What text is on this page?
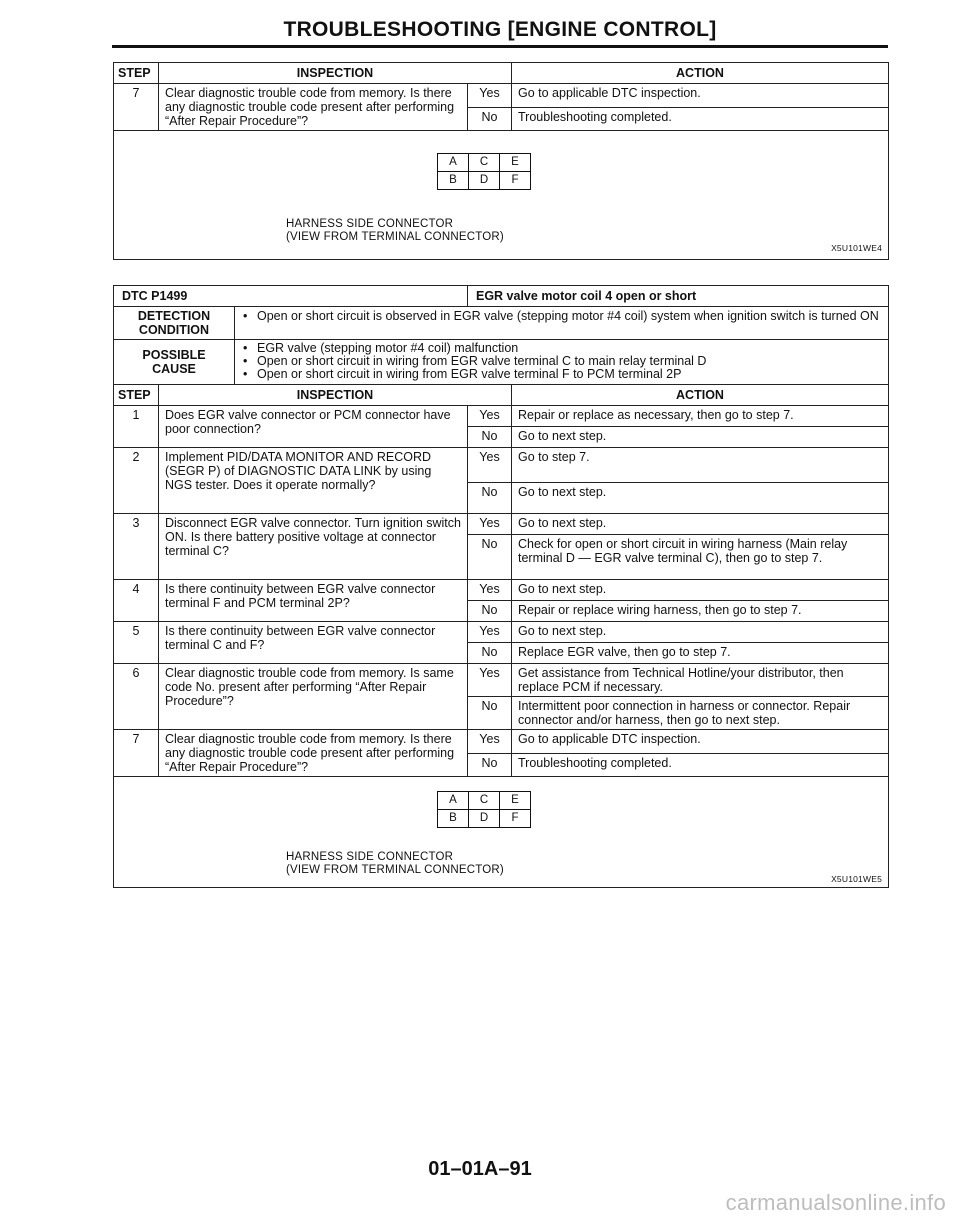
TROUBLESHOOTING [ENGINE CONTROL]
STEP	INSPECTION	ACTION
7	Clear diagnostic trouble code from memory. Is there any diagnostic trouble code present after performing “After Repair Procedure”?	Yes	Go to applicable DTC inspection.
No	Troubleshooting completed.

A	C	E
B	D	F
HARNESS SIDE CONNECTOR
(VIEW FROM TERMINAL CONNECTOR)
X5U101WE4
DTC P1499	EGR valve motor coil 4 open or short
DETECTION
CONDITION	
• Open or short circuit is observed in EGR valve (stepping motor #4 coil) system when ignition switch is turned ON

POSSIBLE
CAUSE	
• EGR valve (stepping motor #4 coil) malfunction
• Open or short circuit in wiring from EGR valve terminal C to main relay terminal D
• Open or short circuit in wiring from EGR valve terminal F to PCM terminal 2P

STEP	INSPECTION	ACTION
1	Does EGR valve connector or PCM connector have poor connection?	Yes	Repair or replace as necessary, then go to step 7.
No	Go to next step.
2	Implement PID/DATA MONITOR AND RECORD (SEGR P) of DIAGNOSTIC DATA LINK by using NGS tester. Does it operate normally?	Yes	Go to step 7.
No	Go to next step.
3	Disconnect EGR valve connector. Turn ignition switch ON. Is there battery positive voltage at connector terminal C?	Yes	Go to next step.
No	Check for open or short circuit in wiring harness (Main relay terminal D — EGR valve terminal C), then go to step 7.
4	Is there continuity between EGR valve connector terminal F and PCM terminal 2P?	Yes	Go to next step.
No	Repair or replace wiring harness, then go to step 7.
5	Is there continuity between EGR valve connector terminal C and F?	Yes	Go to next step.
No	Replace EGR valve, then go to step 7.
6	Clear diagnostic trouble code from memory. Is same code No. present after performing “After Repair Procedure”?	Yes	Get assistance from Technical Hotline/your distributor, then replace PCM if necessary.
No	Intermittent poor connection in harness or connector. Repair connector and/or harness, then go to next step.
7	Clear diagnostic trouble code from memory. Is there any diagnostic trouble code present after performing “After Repair Procedure”?	Yes	Go to applicable DTC inspection.
No	Troubleshooting completed.

A	C	E
B	D	F
HARNESS SIDE CONNECTOR
(VIEW FROM TERMINAL CONNECTOR)
X5U101WE5
01–01A–91
carmanualsonline.info
